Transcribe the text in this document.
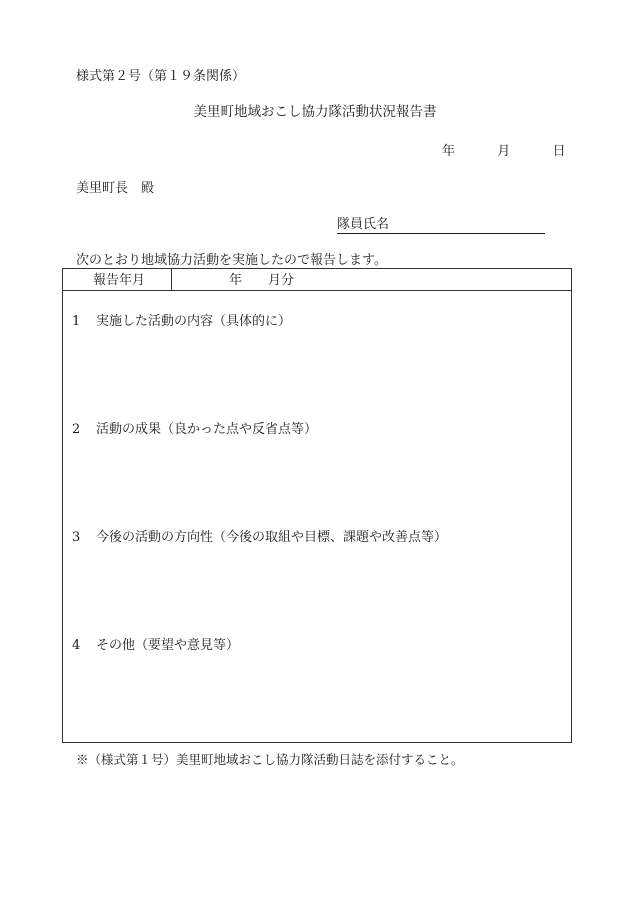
様式第２号（第１９条関係）
美里町地域おこし協力隊活動状況報告書
年	月	日
美里町長　殿
隊員氏名
次のとおり地域協力活動を実施したので報告します。
報告年月	年　　月分
1 実施した活動の内容（具体的に）
2 活動の成果（良かった点や反省点等）
3 今後の活動の方向性（今後の取組や目標、課題や改善点等）
4 その他（要望や意見等）
※（様式第１号）美里町地域おこし協力隊活動日誌を添付すること。
